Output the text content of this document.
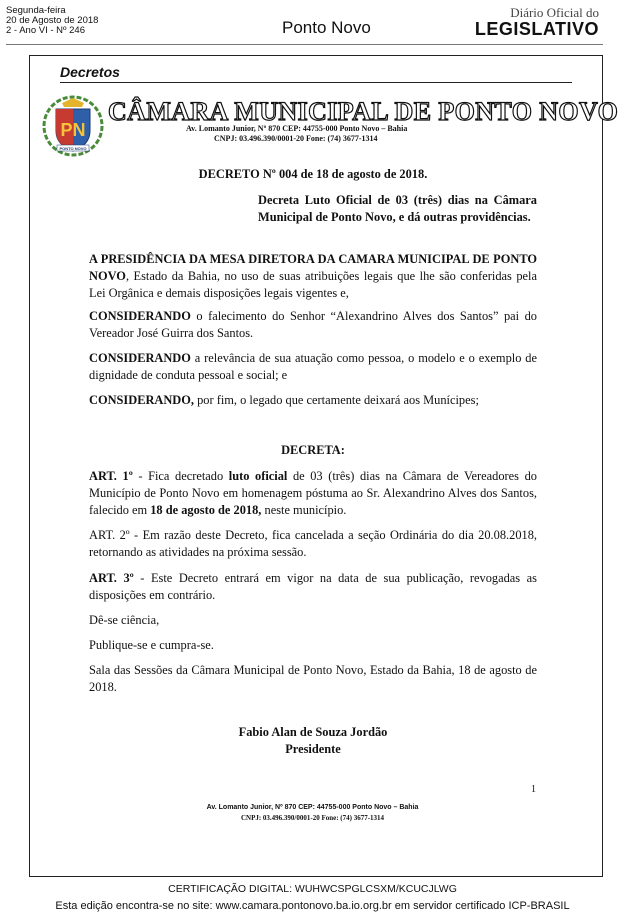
Segunda-feira
20 de Agosto de 2018
2 - Ano VI - Nº 246	Ponto Novo
Diário Oficial do
LEGISLATIVO
Decretos
PN
PONTO NOVO
CÂMARA MUNICIPAL DE PONTO NOVO
Av. Lomanto Junior, Nº 870 CEP: 44755-000 Ponto Novo – Bahia
CNPJ: 03.496.390/0001-20 Fone: (74) 3677-1314
DECRETO Nº 004 de 18 de agosto de 2018.
Decreta Luto Oficial de 03 (três) dias na Câmara Municipal de Ponto Novo, e dá outras providências.

A PRESIDÊNCIA DA MESA DIRETORA DA CAMARA MUNICIPAL DE PONTO NOVO, Estado da Bahia, no uso de suas atribuições legais que lhe são conferidas pela Lei Orgânica e demais disposições legais vigentes e,

CONSIDERANDO o falecimento do Senhor “Alexandrino Alves dos Santos” pai do Vereador José Guirra dos Santos.

CONSIDERANDO a relevância de sua atuação como pessoa, o modelo e o exemplo de dignidade de conduta pessoal e social; e

CONSIDERANDO, por fim, o legado que certamente deixará aos Munícipes;

DECRETA:

ART. 1º - Fica decretado luto oficial de 03 (três) dias na Câmara de Vereadores do Município de Ponto Novo em homenagem póstuma ao Sr. Alexandrino Alves dos Santos, falecido em 18 de agosto de 2018, neste município.

ART. 2º - Em razão deste Decreto, fica cancelada a seção Ordinária do dia 20.08.2018, retornando as atividades na próxima sessão.

ART. 3º - Este Decreto entrará em vigor na data de sua publicação, revogadas as disposições em contrário.

Dê-se ciência,
Publique-se e cumpra-se.
Sala das Sessões da Câmara Municipal de Ponto Novo, Estado da Bahia, 18 de agosto de 2018.
Fabio Alan de Souza Jordão
Presidente
1
Av. Lomanto Junior, Nº 870 CEP: 44755-000 Ponto Novo – Bahia
CNPJ: 03.496.390/0001-20 Fone: (74) 3677-1314
CERTIFICAÇÃO DIGITAL: WUHWCSPGLCSXM/KCUCJLWG
Esta edição encontra-se no site: www.camara.pontonovo.ba.io.org.br em servidor certificado ICP-BRASIL
